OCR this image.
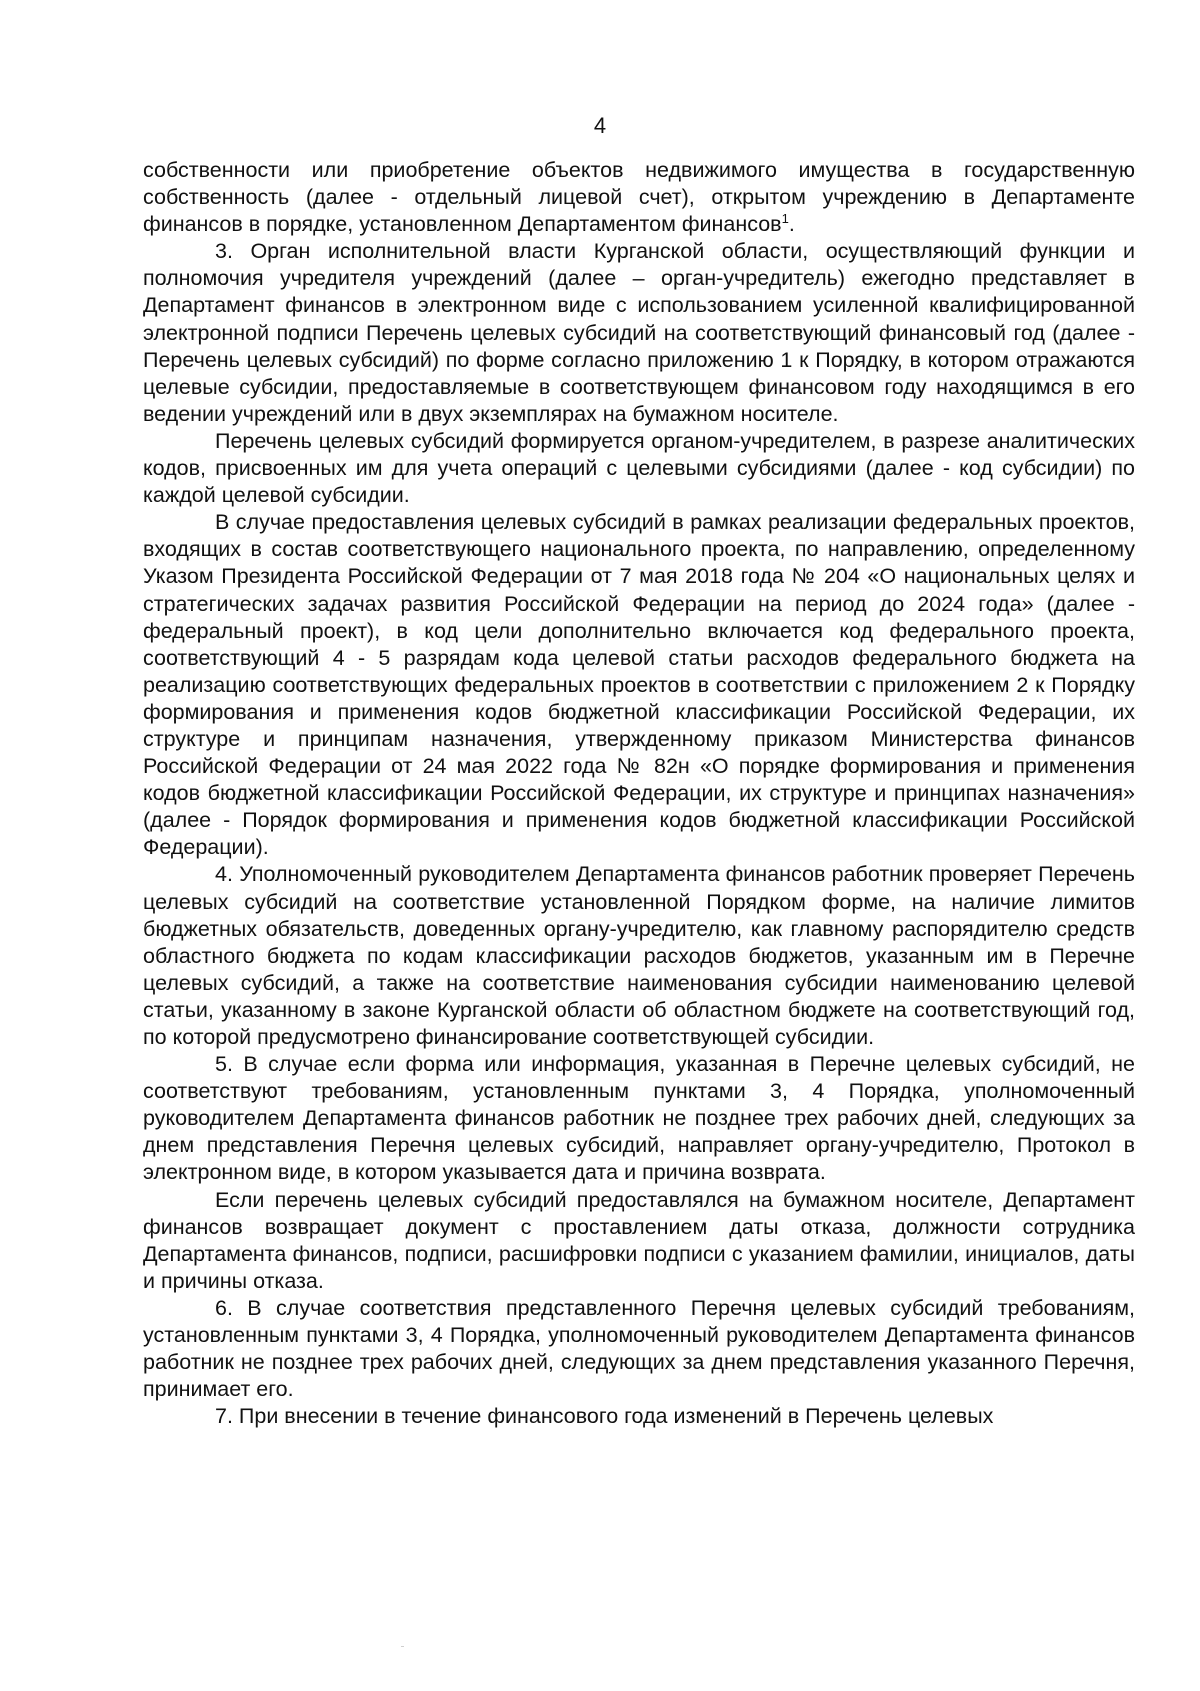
4

собственности или приобретение объектов недвижимого имущества в государственную собственность (далее - отдельный лицевой счет), открытом учреждению в Департаменте финансов в порядке, установленном Департаментом финансов$^1$.

3. Орган исполнительной власти Курганской области, осуществляющий функции и полномочия учредителя учреждений (далее – орган-учредитель) ежегодно представляет в Департамент финансов в электронном виде с использованием усиленной квалифицированной электронной подписи Перечень целевых субсидий на соответствующий финансовый год (далее - Перечень целевых субсидий) по форме согласно приложению 1 к Порядку, в котором отражаются целевые субсидии, предоставляемые в соответствующем финансовом году находящимся в его ведении учреждений или в двух экземплярах на бумажном носителе.

Перечень целевых субсидий формируется органом-учредителем, в разрезе аналитических кодов, присвоенных им для учета операций с целевыми субсидиями (далее - код субсидии) по каждой целевой субсидии.

В случае предоставления целевых субсидий в рамках реализации федеральных проектов, входящих в состав соответствующего национального проекта, по направлению, определенному Указом Президента Российской Федерации от 7 мая 2018 года № 204 «О национальных целях и стратегических задачах развития Российской Федерации на период до 2024 года» (далее - федеральный проект), в код цели дополнительно включается код федерального проекта, соответствующий 4 - 5 разрядам кода целевой статьи расходов федерального бюджета на реализацию соответствующих федеральных проектов в соответствии с приложением 2 к Порядку формирования и применения кодов бюджетной классификации Российской Федерации, их структуре и принципам назначения, утвержденному приказом Министерства финансов Российской Федерации от 24 мая 2022 года № 82н «О порядке формирования и применения кодов бюджетной классификации Российской Федерации, их структуре и принципах назначения» (далее - Порядок формирования и применения кодов бюджетной классификации Российской Федерации).

4. Уполномоченный руководителем Департамента финансов работник проверяет Перечень целевых субсидий на соответствие установленной Порядком форме, на наличие лимитов бюджетных обязательств, доведенных органу-учредителю, как главному распорядителю средств областного бюджета по кодам классификации расходов бюджетов, указанным им в Перечне целевых субсидий, а также на соответствие наименования субсидии наименованию целевой статьи, указанному в законе Курганской области об областном бюджете на соответствующий год, по которой предусмотрено финансирование соответствующей субсидии.

5. В случае если форма или информация, указанная в Перечне целевых субсидий, не соответствуют требованиям, установленным пунктами 3, 4 Порядка, уполномоченный руководителем Департамента финансов работник не позднее трех рабочих дней, следующих за днем представления Перечня целевых субсидий, направляет органу-учредителю, Протокол в электронном виде, в котором указывается дата и причина возврата.

Если перечень целевых субсидий предоставлялся на бумажном носителе, Департамент финансов возвращает документ с проставлением даты отказа, должности сотрудника Департамента финансов, подписи, расшифровки подписи с указанием фамилии, инициалов, даты и причины отказа.

6. В случае соответствия представленного Перечня целевых субсидий требованиям, установленным пунктами 3, 4 Порядка, уполномоченный руководителем Департамента финансов работник не позднее трех рабочих дней, следующих за днем представления указанного Перечня, принимает его.

7. При внесении в течение финансового года изменений в Перечень целевых
